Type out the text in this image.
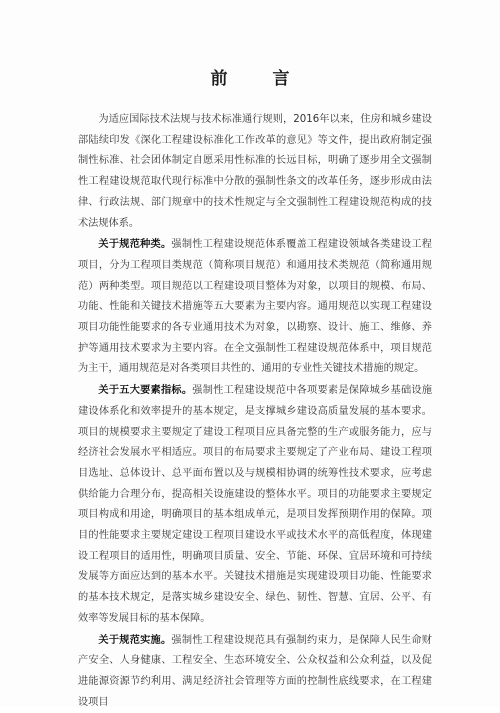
前　言

为适应国际技术法规与技术标准通行规则，2016年以来，住房和城乡建设部陆续印发《深化工程建设标准化工作改革的意见》等文件，提出政府制定强制性标准、社会团体制定自愿采用性标准的长远目标，明确了逐步用全文强制性工程建设规范取代现行标准中分散的强制性条文的改革任务，逐步形成由法律、行政法规、部门规章中的技术性规定与全文强制性工程建设规范构成的技术法规体系。

关于规范种类。强制性工程建设规范体系覆盖工程建设领域各类建设工程项目，分为工程项目类规范（简称项目规范）和通用技术类规范（简称通用规范）两种类型。项目规范以工程建设项目整体为对象，以项目的规模、布局、功能、性能和关键技术措施等五大要素为主要内容。通用规范以实现工程建设项目功能性能要求的各专业通用技术为对象，以勘察、设计、施工、维修、养护等通用技术要求为主要内容。在全文强制性工程建设规范体系中，项目规范为主干，通用规范是对各类项目共性的、通用的专业性关键技术措施的规定。

关于五大要素指标。强制性工程建设规范中各项要素是保障城乡基础设施建设体系化和效率提升的基本规定，是支撑城乡建设高质量发展的基本要求。项目的规模要求主要规定了建设工程项目应具备完整的生产或服务能力，应与经济社会发展水平相适应。项目的布局要求主要规定了产业布局、建设工程项目选址、总体设计、总平面布置以及与规模相协调的统筹性技术要求，应考虑供给能力合理分布，提高相关设施建设的整体水平。项目的功能要求主要规定项目构成和用途，明确项目的基本组成单元，是项目发挥预期作用的保障。项目的性能要求主要规定建设工程项目建设水平或技术水平的高低程度，体现建设工程项目的适用性，明确项目质量、安全、节能、环保、宜居环境和可持续发展等方面应达到的基本水平。关键技术措施是实现建设项目功能、性能要求的基本技术规定，是落实城乡建设安全、绿色、韧性、智慧、宜居、公平、有效率等发展目标的基本保障。

关于规范实施。强制性工程建设规范具有强制约束力，是保障人民生命财产安全、人身健康、工程安全、生态环境安全、公众权益和公众利益，以及促进能源资源节约利用、满足经济社会管理等方面的控制性底线要求，在工程建设项目
